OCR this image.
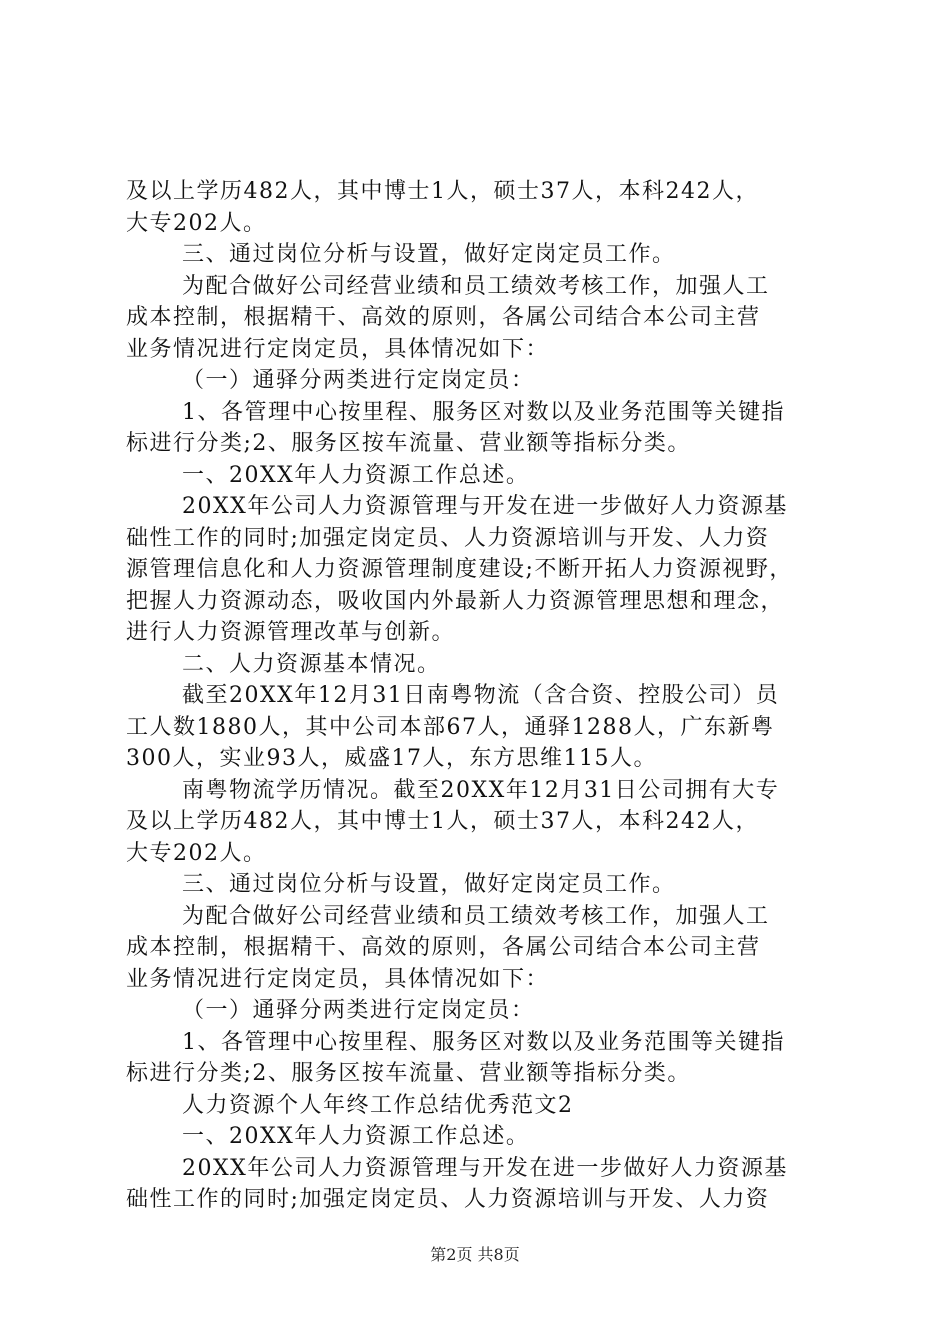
及以上学历482人，其中博士1人，硕士37人，本科242人，
大专202人。
三、通过岗位分析与设置，做好定岗定员工作。
为配合做好公司经营业绩和员工绩效考核工作，加强人工
成本控制，根据精干、高效的原则，各属公司结合本公司主营
业务情况进行定岗定员，具体情况如下：
（一）通驿分两类进行定岗定员：
1、各管理中心按里程、服务区对数以及业务范围等关键指
标进行分类;2、服务区按车流量、营业额等指标分类。
一、20XX年人力资源工作总述。
20XX年公司人力资源管理与开发在进一步做好人力资源基
础性工作的同时;加强定岗定员、人力资源培训与开发、人力资
源管理信息化和人力资源管理制度建设;不断开拓人力资源视野，
把握人力资源动态，吸收国内外最新人力资源管理思想和理念，
进行人力资源管理改革与创新。
二、人力资源基本情况。
截至20XX年12月31日南粤物流（含合资、控股公司）员
工人数1880人，其中公司本部67人，通驿1288人，广东新粤
300人，实业93人，威盛17人，东方思维115人。
南粤物流学历情况。截至20XX年12月31日公司拥有大专
及以上学历482人，其中博士1人，硕士37人，本科242人，
大专202人。
三、通过岗位分析与设置，做好定岗定员工作。
为配合做好公司经营业绩和员工绩效考核工作，加强人工
成本控制，根据精干、高效的原则，各属公司结合本公司主营
业务情况进行定岗定员，具体情况如下：
（一）通驿分两类进行定岗定员：
1、各管理中心按里程、服务区对数以及业务范围等关键指
标进行分类;2、服务区按车流量、营业额等指标分类。
人力资源个人年终工作总结优秀范文2
一、20XX年人力资源工作总述。
20XX年公司人力资源管理与开发在进一步做好人力资源基
础性工作的同时;加强定岗定员、人力资源培训与开发、人力资
第2页 共8页
